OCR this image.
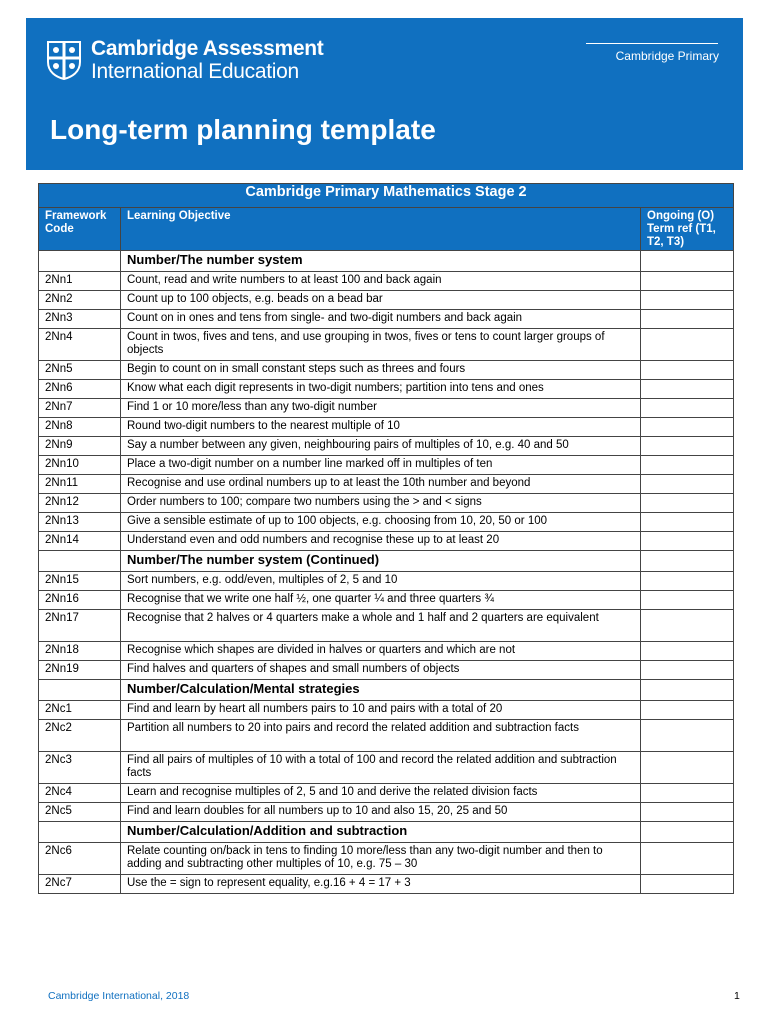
Cambridge Assessment
International Education
Cambridge Primary
Long-term planning template
Cambridge Primary Mathematics Stage 2		
Framework Code	Learning Objective	Ongoing (O) Term ref (T1, T2, T3)
	Number/The number system	
2Nn1	Count, read and write numbers to at least 100 and back again	
2Nn2	Count up to 100 objects, e.g. beads on a bead bar	
2Nn3	Count on in ones and tens from single- and two-digit numbers and back again	
2Nn4	Count in twos, fives and tens, and use grouping in twos, fives or tens to count larger groups of objects	
2Nn5	Begin to count on in small constant steps such as threes and fours	
2Nn6	Know what each digit represents in two-digit numbers; partition into tens and ones	
2Nn7	Find 1 or 10 more/less than any two-digit number	
2Nn8	Round two-digit numbers to the nearest multiple of 10	
2Nn9	Say a number between any given, neighbouring pairs of multiples of 10, e.g. 40 and 50	
2Nn10	Place a two-digit number on a number line marked off in multiples of ten	
2Nn11	Recognise and use ordinal numbers up to at least the 10th number and beyond	
2Nn12	Order numbers to 100; compare two numbers using the > and < signs	
2Nn13	Give a sensible estimate of up to 100 objects, e.g. choosing from 10, 20, 50 or 100	
2Nn14	Understand even and odd numbers and recognise these up to at least 20	
	Number/The number system (Continued)	
2Nn15	Sort numbers, e.g. odd/even, multiples of 2, 5 and 10	
2Nn16	Recognise that we write one half ½, one quarter ¼ and three quarters ¾	
2Nn17	Recognise that 2 halves or 4 quarters make a whole and 1 half and 2 quarters are equivalent	
2Nn18	Recognise which shapes are divided in halves or quarters and which are not	
2Nn19	Find halves and quarters of shapes and small numbers of objects	
	Number/Calculation/Mental strategies	
2Nc1	Find and learn by heart all numbers pairs to 10 and pairs with a total of 20	
2Nc2	Partition all numbers to 20 into pairs and record the related addition and subtraction facts	
2Nc3	Find all pairs of multiples of 10 with a total of 100 and record the related addition and subtraction facts	
2Nc4	Learn and recognise multiples of 2, 5 and 10 and derive the related division facts	
2Nc5	Find and learn doubles for all numbers up to 10 and also 15, 20, 25 and 50	
	Number/Calculation/Addition and subtraction	
2Nc6	Relate counting on/back in tens to finding 10 more/less than any two-digit number and then to adding and subtracting other multiples of 10, e.g. 75 – 30	
2Nc7	Use the = sign to represent equality, e.g.16 + 4 = 17 + 3	
Cambridge International, 2018	1
